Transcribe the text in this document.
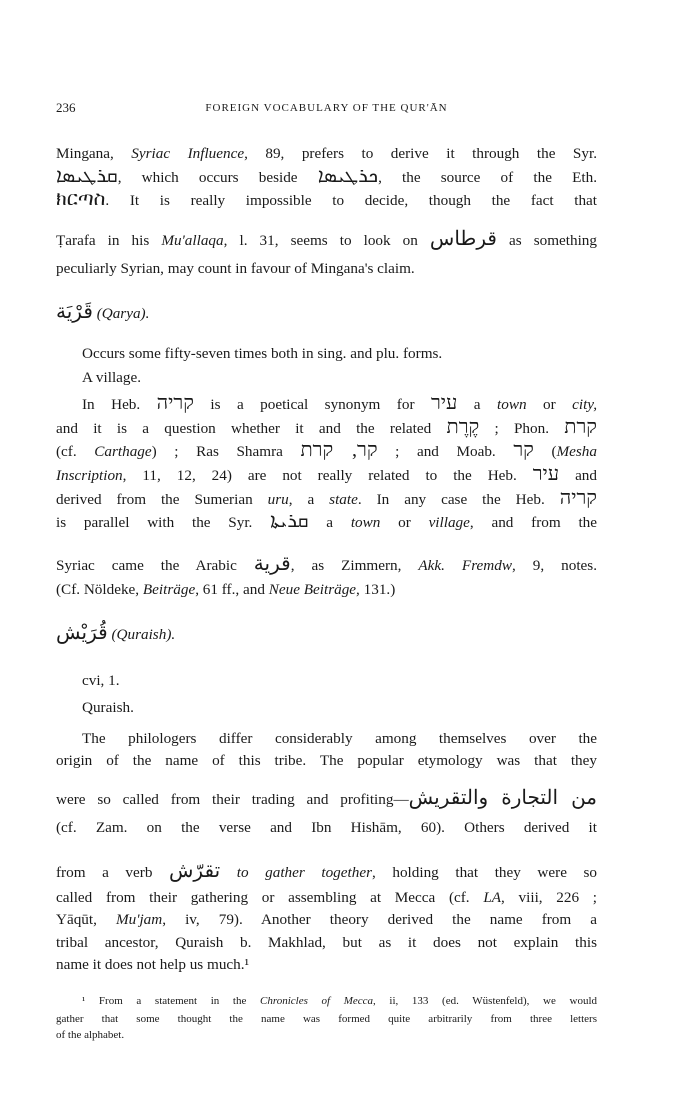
236	FOREIGN VOCABULARY OF THE QUR'ĀN
Mingana, Syriac Influence, 89, prefers to derive it through the Syr.
ܩܪܛܝܣܐ, which occurs beside ܟܪܛܝܣܐ, the source of the Eth.
ክርጣስ. It is really impossible to decide, though the fact that
Ṭarafa in his Mu'allaqa, l. 31, seems to look on قرطاس as something
peculiarly Syrian, may count in favour of Mingana's claim.
قَرْيَة (Qarya).
Occurs some fifty-seven times both in sing. and plu. forms.
A village.
In Heb. קריה is a poetical synonym for עיר a town or city,
and it is a question whether it and the related קֶרֶת ; Phon. קרת
(cf. Carthage) ; Ras Shamra קר, קרת ; and Moab. קר (Mesha
Inscription, 11, 12, 24) are not really related to the Heb. עיר and
derived from the Sumerian uru, a state. In any case the Heb. קריה
is parallel with the Syr. ܩܪܝܬܐ a town or village, and from the
Syriac came the Arabic قرية, as Zimmern, Akk. Fremdw, 9, notes.
(Cf. Nöldeke, Beiträge, 61 ff., and Neue Beiträge, 131.)
قُرَيْش (Quraish).
cvi, 1.
Quraish.
The philologers differ considerably among themselves over the
origin of the name of this tribe. The popular etymology was that they
were so called from their trading and profiting—من التجارة والتقريش
(cf. Zam. on the verse and Ibn Hishām, 60). Others derived it
from a verb تقرّش to gather together, holding that they were so
called from their gathering or assembling at Mecca (cf. LA, viii, 226 ;
Yāqūt, Mu'jam, iv, 79). Another theory derived the name from a
tribal ancestor, Quraish b. Makhlad, but as it does not explain this
name it does not help us much.¹
¹ From a statement in the Chronicles of Mecca, ii, 133 (ed. Wüstenfeld), we would
gather that some thought the name was formed quite arbitrarily from three letters
of the alphabet.
